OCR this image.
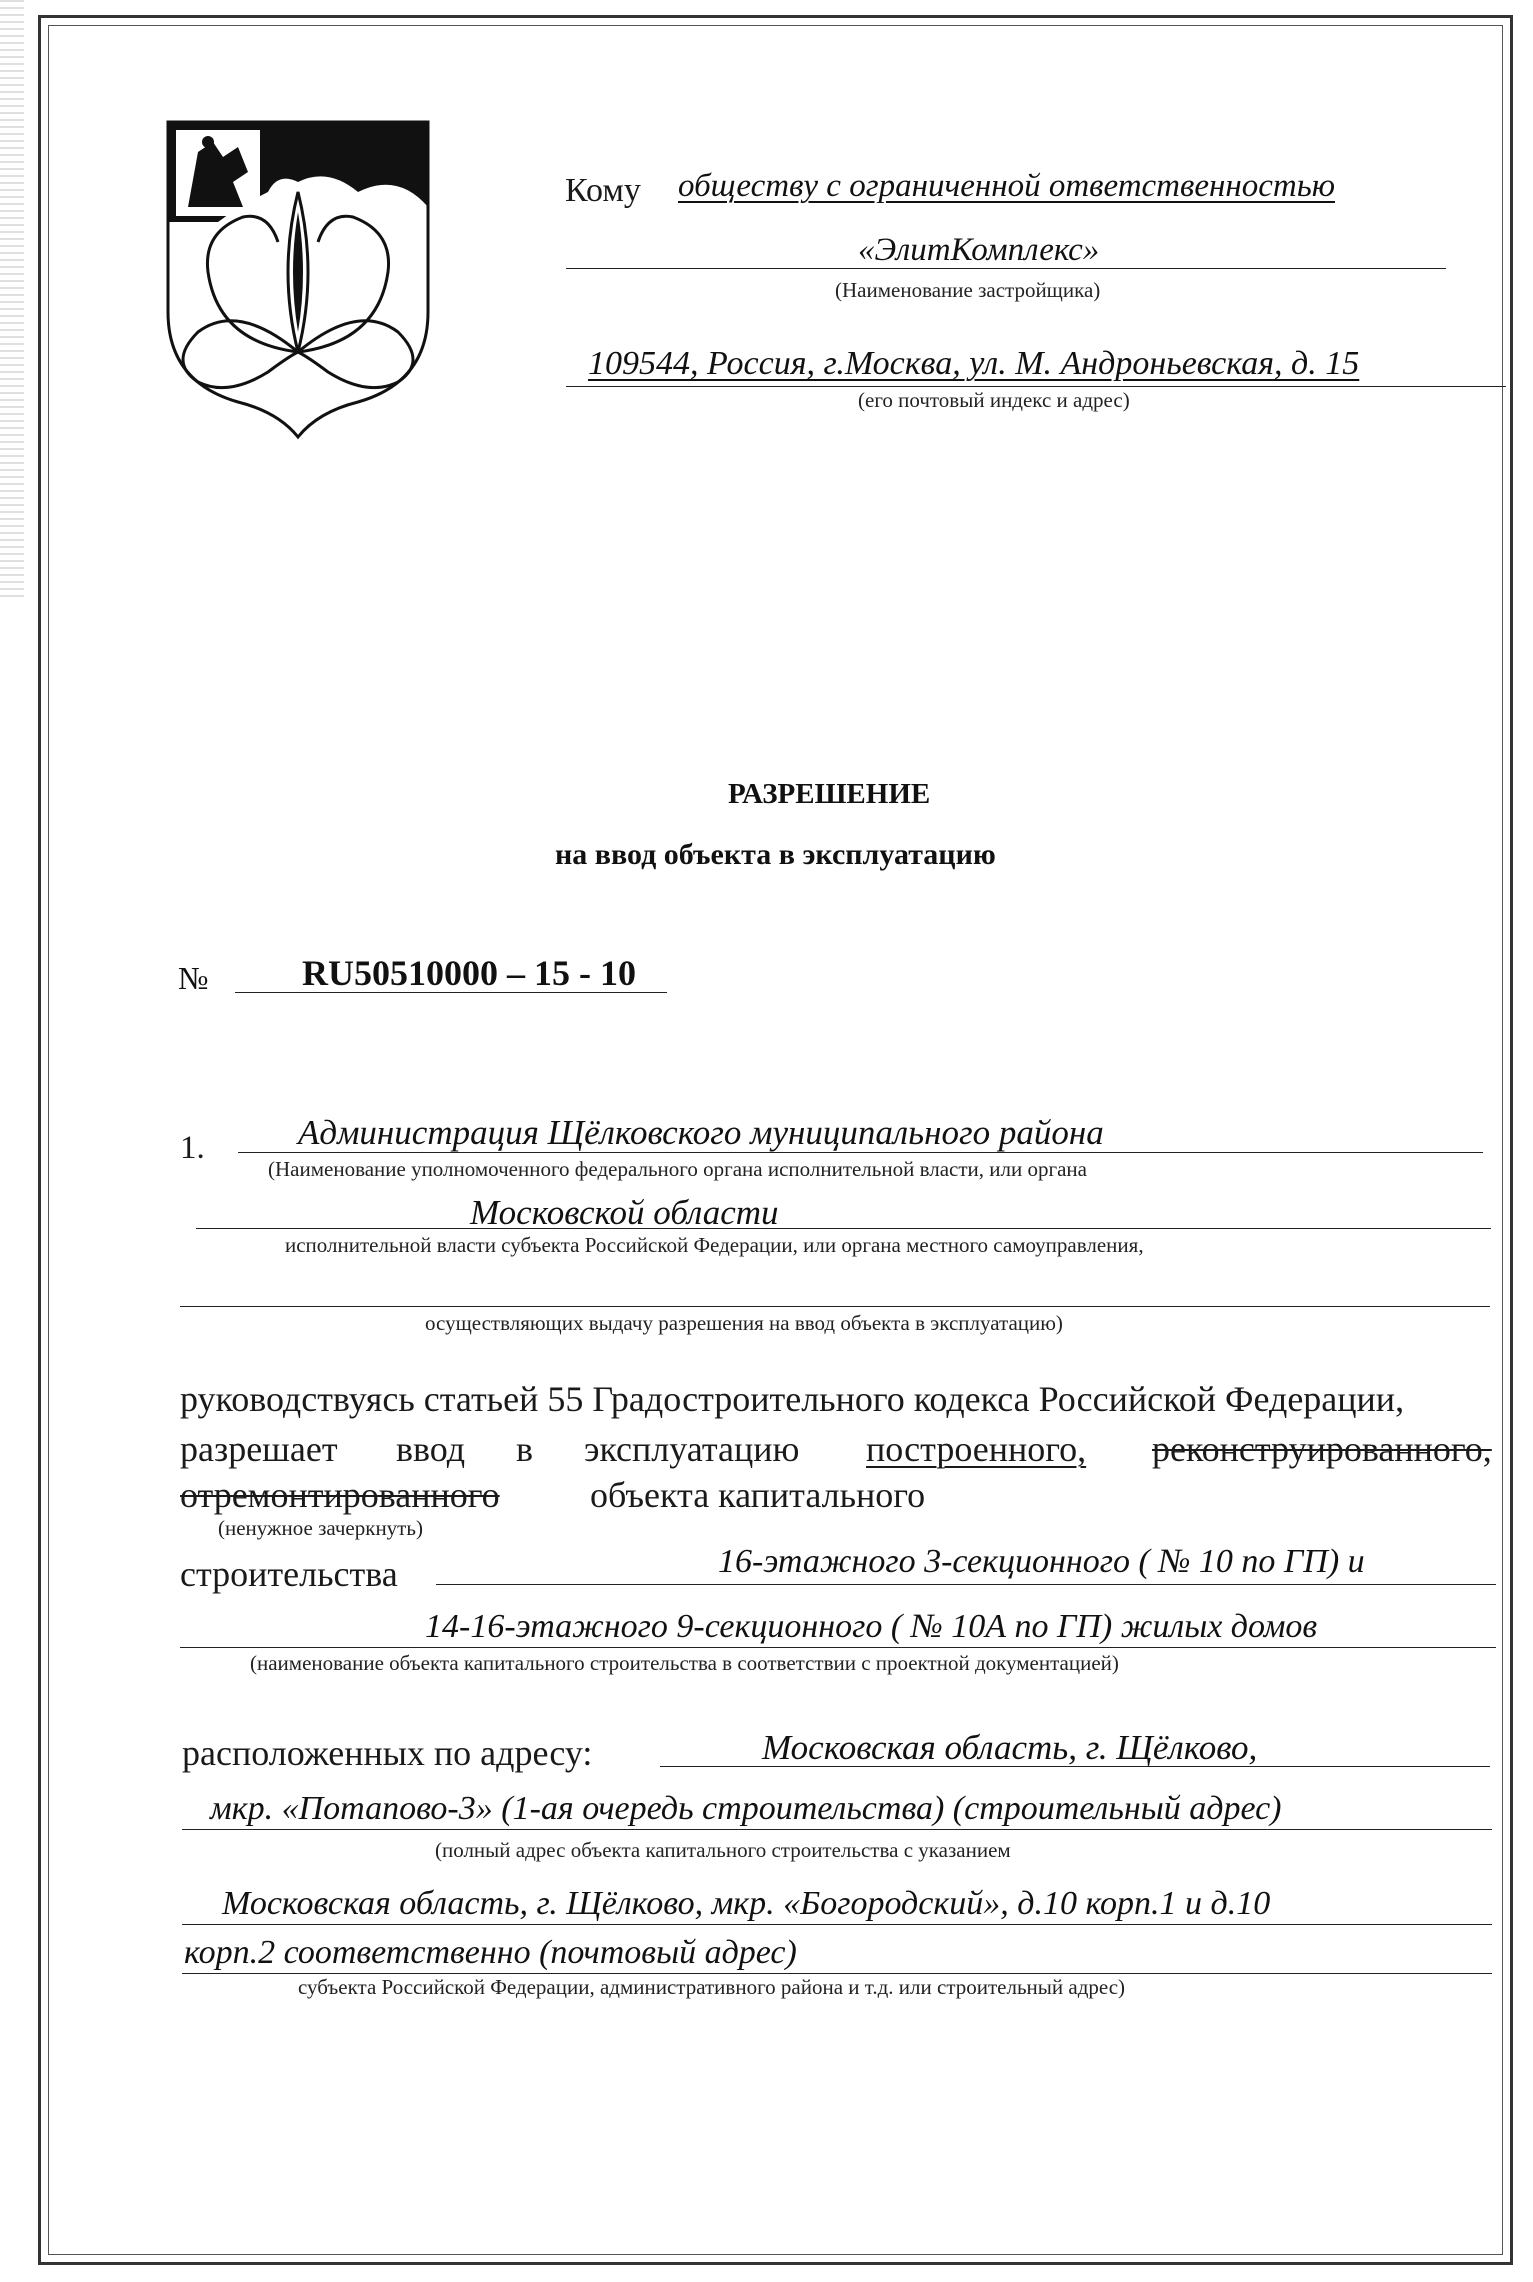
Кому обществу с ограниченной ответственностью
«ЭлитКомплекс»
(Наименование застройщика)
109544, Россия, г.Москва, ул. М. Андроньевская, д. 15
(его почтовый индекс и адрес)
РАЗРЕШЕНИЕ
на ввод объекта в эксплуатацию
№	RU50510000 – 15 - 10
1.	Администрация Щёлковского муниципального района
(Наименование уполномоченного федерального органа исполнительной власти, или органа
Московской области
исполнительной власти субъекта Российской Федерации, или органа местного самоуправления,
осуществляющих выдачу разрешения на ввод объекта в эксплуатацию)
руководствуясь статьей 55 Градостроительного кодекса Российской Федерации,
разрешает ввод в эксплуатацию построенного, реконструированного,
отремонтированного	объекта капитального
(ненужное зачеркнуть)
строительства	16-этажного 3-секционного ( № 10 по ГП) и
14-16-этажного 9-секционного ( № 10А по ГП) жилых домов
(наименование объекта капитального строительства в соответствии с проектной документацией)
расположенных по адресу:	Московская область, г. Щёлково,
мкр. «Потапово-3» (1-ая очередь строительства) (строительный адрес)
(полный адрес объекта капитального строительства с указанием
Московская область, г. Щёлково, мкр. «Богородский», д.10 корп.1 и д.10
корп.2 соответственно (почтовый адрес)
субъекта Российской Федерации, административного района и т.д. или строительный адрес)
